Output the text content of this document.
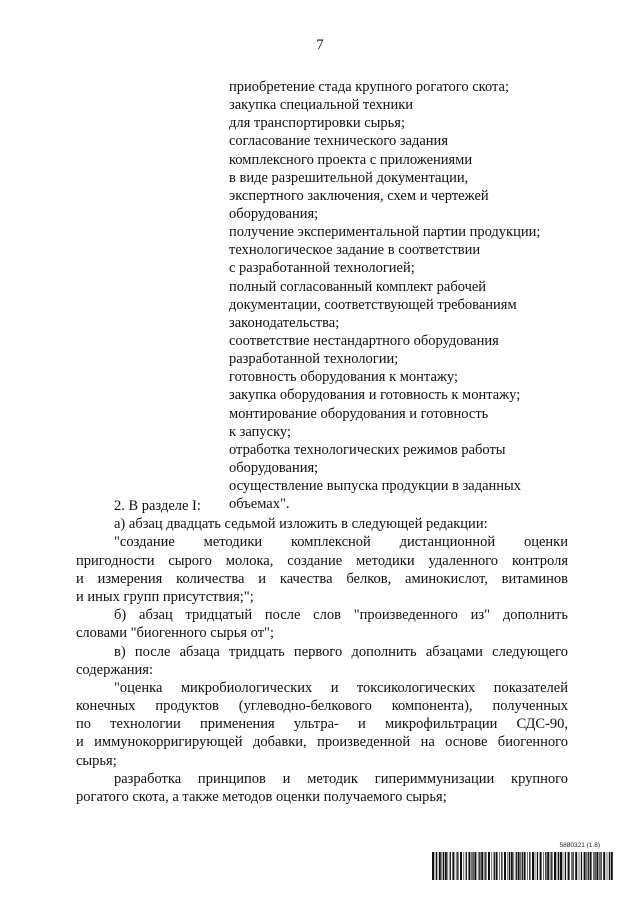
7
приобретение стада крупного рогатого скота;
закупка специальной техники
для транспортировки сырья;
согласование технического задания
комплексного проекта с приложениями
в виде разрешительной документации,
экспертного заключения, схем и чертежей
оборудования;
получение экспериментальной партии продукции;
технологическое задание в соответствии
с разработанной технологией;
полный согласованный комплект рабочей
документации, соответствующей требованиям
законодательства;
соответствие нестандартного оборудования
разработанной технологии;
готовность оборудования к монтажу;
закупка оборудования и готовность к монтажу;
монтирование оборудования и готовность
к запуску;
отработка технологических режимов работы
оборудования;
осуществление выпуска продукции в заданных
объемах".
2. В разделе I:
а) абзац двадцать седьмой изложить в следующей редакции:
"создание методики комплексной дистанционной оценки
пригодности сырого молока, создание методики удаленного контроля
и измерения количества и качества белков, аминокислот, витаминов
и иных групп присутствия;";
б) абзац тридцатый после слов "произведенного из" дополнить
словами "биогенного сырья от";
в) после абзаца тридцать первого дополнить абзацами следующего
содержания:
"оценка микробиологических и токсикологических показателей
конечных продуктов (углеводно-белкового компонента), полученных
по технологии применения ультра- и микрофильтрации СДС-90,
и иммунокорригирующей добавки, произведенной на основе биогенного
сырья;
разработка принципов и методик гипериммунизации крупного
рогатого скота, а также методов оценки получаемого сырья;
5880321 (1.8)
